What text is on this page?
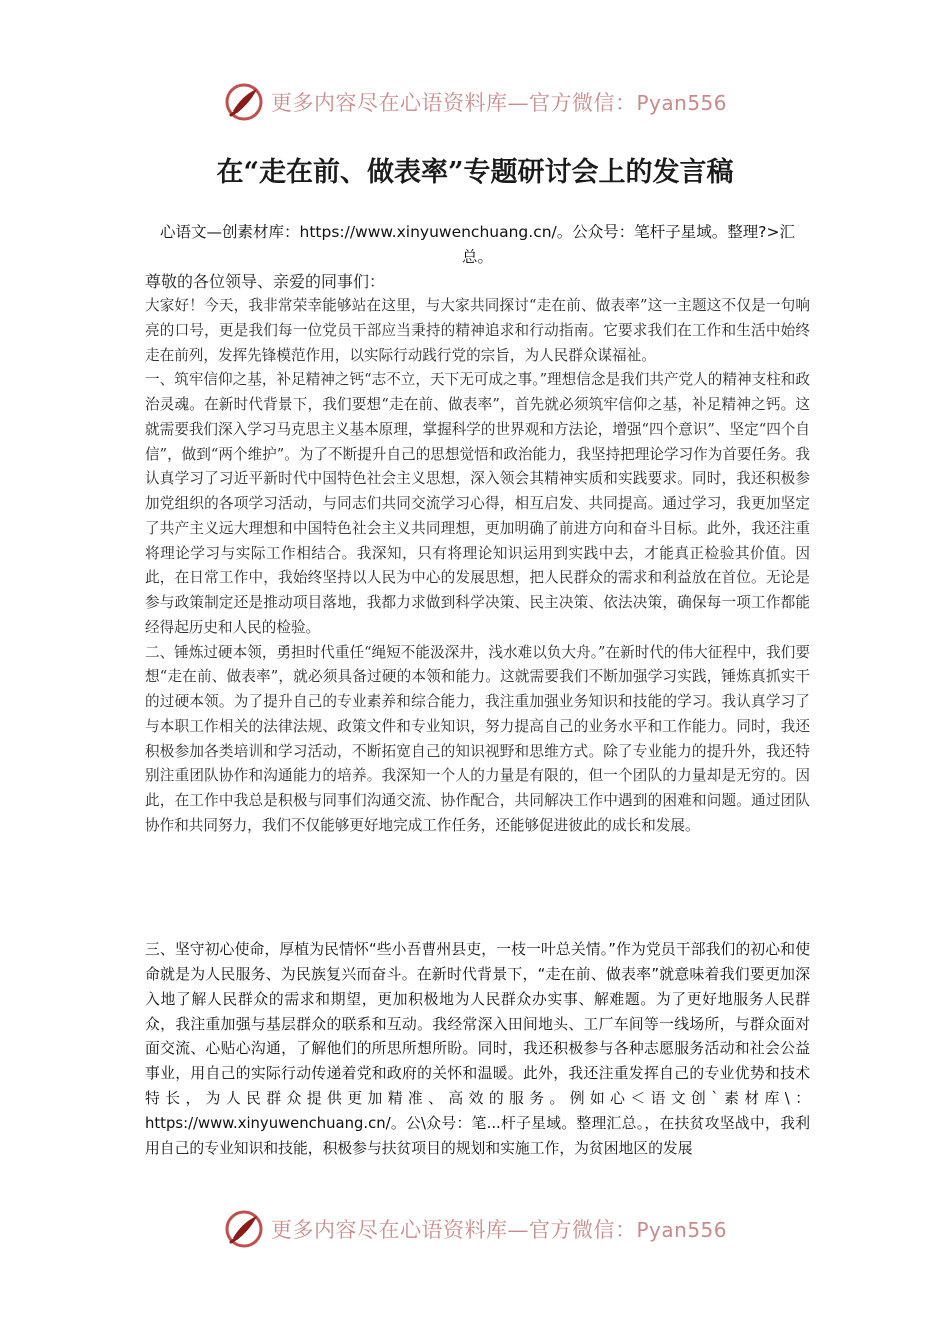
更多内容尽在心语资料库—官方微信：Pyan556
在“走在前、做表率”专题研讨会上的发言稿
心语文—创素材库：https://www.xinyuwenchuang.cn/。公众号：笔杆子星域。整理?>汇总。
尊敬的各位领导、亲爱的同事们：

大家好！今天，我非常荣幸能够站在这里，与大家共同探讨“走在前、做表率”这一主题这不仅是一句响亮的口号，更是我们每一位党员干部应当秉持的精神追求和行动指南。它要求我们在工作和生活中始终走在前列，发挥先锋模范作用，以实际行动践行党的宗旨，为人民群众谋福祉。

一、筑牢信仰之基，补足精神之钙“志不立，天下无可成之事。”理想信念是我们共产党人的精神支柱和政治灵魂。在新时代背景下，我们要想“走在前、做表率”，首先就必须筑牢信仰之基，补足精神之钙。这就需要我们深入学习马克思主义基本原理，掌握科学的世界观和方法论，增强“四个意识”、坚定“四个自信”，做到“两个维护”。为了不断提升自己的思想觉悟和政治能力，我坚持把理论学习作为首要任务。我认真学习了习近平新时代中国特色社会主义思想，深入领会其精神实质和实践要求。同时，我还积极参加党组织的各项学习活动，与同志们共同交流学习心得，相互启发、共同提高。通过学习，我更加坚定了共产主义远大理想和中国特色社会主义共同理想，更加明确了前进方向和奋斗目标。此外，我还注重将理论学习与实际工作相结合。我深知，只有将理论知识运用到实践中去，才能真正检验其价值。因此，在日常工作中，我始终坚持以人民为中心的发展思想，把人民群众的需求和利益放在首位。无论是参与政策制定还是推动项目落地，我都力求做到科学决策、民主决策、依法决策，确保每一项工作都能经得起历史和人民的检验。

二、锤炼过硬本领，勇担时代重任“绳短不能汲深井，浅水难以负大舟。”在新时代的伟大征程中，我们要想“走在前、做表率”，就必须具备过硬的本领和能力。这就需要我们不断加强学习实践，锤炼真抓实干的过硬本领。为了提升自己的专业素养和综合能力，我注重加强业务知识和技能的学习。我认真学习了与本职工作相关的法律法规、政策文件和专业知识，努力提高自己的业务水平和工作能力。同时，我还积极参加各类培训和学习活动，不断拓宽自己的知识视野和思维方式。除了专业能力的提升外，我还特别注重团队协作和沟通能力的培养。我深知一个人的力量是有限的，但一个团队的力量却是无穷的。因此，在工作中我总是积极与同事们沟通交流、协作配合，共同解决工作中遇到的困难和问题。通过团队协作和共同努力，我们不仅能够更好地完成工作任务，还能够促进彼此的成长和发展。

三、坚守初心使命，厚植为民情怀“些小吾曹州县吏，一枝一叶总关情。”作为党员干部我们的初心和使命就是为人民服务、为民族复兴而奋斗。在新时代背景下，“走在前、做表率”就意味着我们要更加深入地了解人民群众的需求和期望，更加积极地为人民群众办实事、解难题。为了更好地服务人民群众，我注重加强与基层群众的联系和互动。我经常深入田间地头、工厂车间等一线场所，与群众面对面交流、心贴心沟通，了解他们的所思所想所盼。同时，我还积极参与各种志愿服务活动和社会公益事业，用自己的实际行动传递着党和政府的关怀和温暖。此外，我还注重发挥自己的专业优势和技术特长，为人民群众提供更加精准、高效的服务。例如心＜语文创`素材库\：https://www.xinyuwenchuang.cn/。公\众号：笔...杆子星域。整理汇总。，在扶贫攻坚战中，我利用自己的专业知识和技能，积极参与扶贫项目的规划和实施工作，为贫困地区的发展

更多内容尽在心语资料库—官方微信：Pyan556
